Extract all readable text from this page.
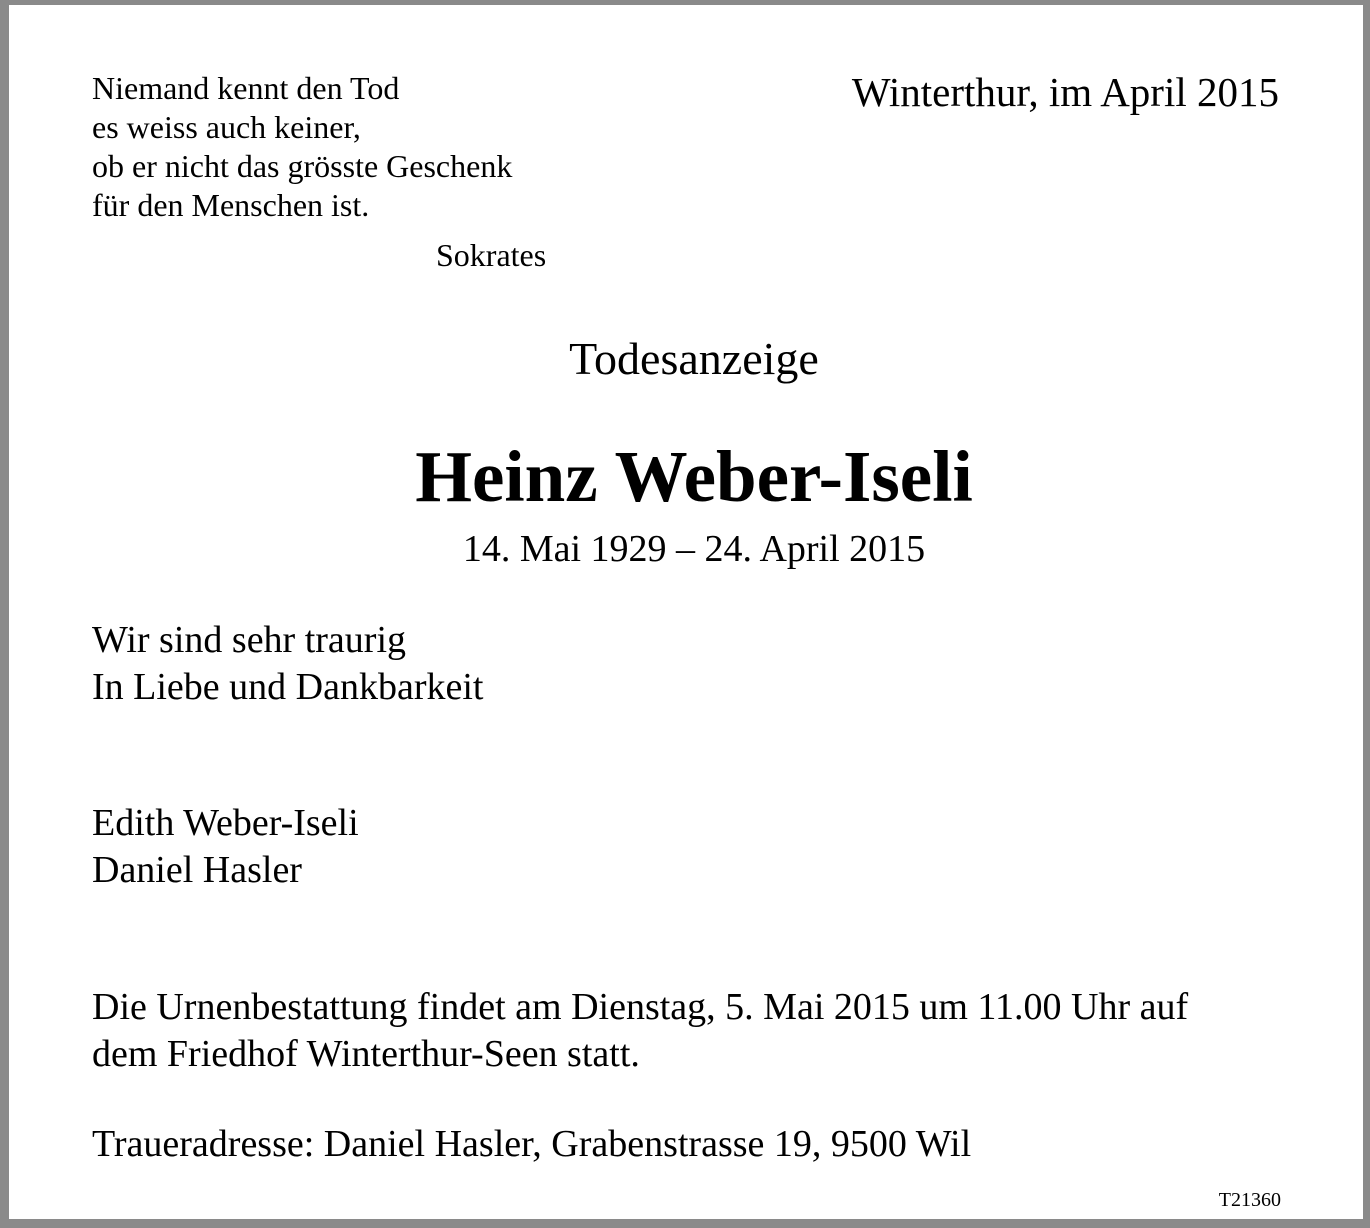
Niemand kennt den Tod
es weiss auch keiner,
ob er nicht das grösste Geschenk
für den Menschen ist.
Sokrates
Winterthur, im April 2015
Todesanzeige
Heinz Weber-Iseli
14. Mai 1929 – 24. April 2015
Wir sind sehr traurig
In Liebe und Dankbarkeit
Edith Weber-Iseli
Daniel Hasler
Die Urnenbestattung findet am Dienstag, 5. Mai 2015 um 11.00 Uhr auf
dem Friedhof Winterthur-Seen statt.
Traueradresse: Daniel Hasler, Grabenstrasse 19, 9500 Wil
T21360
